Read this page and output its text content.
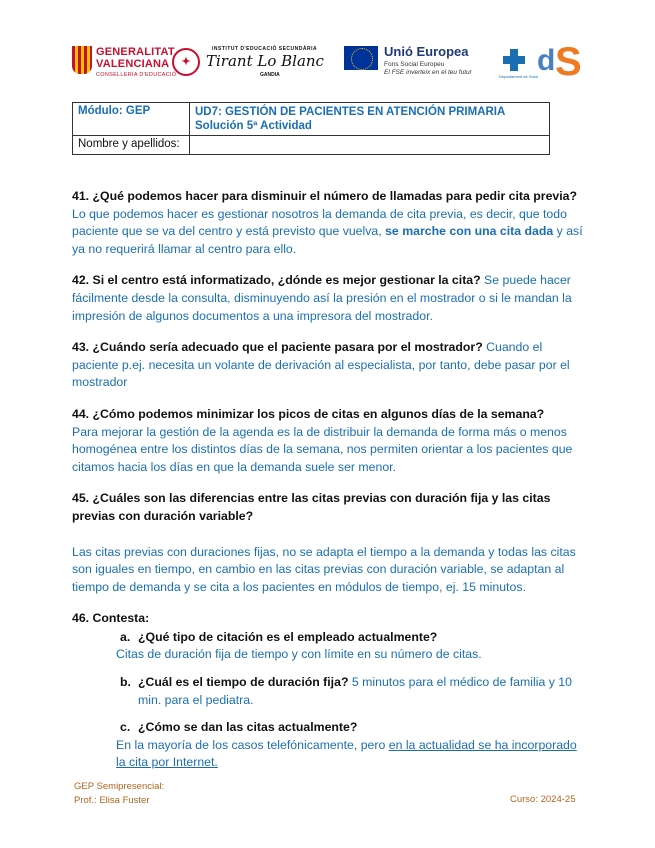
GENERALITAT
VALENCIANA
CONSELLERIA D'EDUCACIÓ
✦
INSTITUT D'EDUCACIÓ SECUNDÀRIA
Tirant Lo Blanc
GANDIA
Unió Europea
Fons Social Europeu
El FSE inverteix en el teu futur
Departament de Salut d S
Módulo: GEP	UD7: GESTIÓN DE PACIENTES EN ATENCIÓN PRIMARIA
Solución 5ª Actividad

Nombre y apellidos:	

41. ¿Qué podemos hacer para disminuir el número de llamadas para pedir cita previa? Lo que podemos hacer es gestionar nosotros la demanda de cita previa, es decir, que todo paciente que se va del centro y está previsto que vuelva, se marche con una cita dada y así ya no requerirá llamar al centro para ello.

42. Si el centro está informatizado, ¿dónde es mejor gestionar la cita? Se puede hacer fácilmente desde la consulta, disminuyendo así la presión en el mostrador o si le mandan la impresión de algunos documentos a una impresora del mostrador.

43. ¿Cuándo sería adecuado que el paciente pasara por el mostrador? Cuando el paciente p.ej. necesita un volante de derivación al especialista, por tanto, debe pasar por el mostrador

44. ¿Cómo podemos minimizar los picos de citas en algunos días de la semana?
Para mejorar la gestión de la agenda es la de distribuir la demanda de forma más o menos homogénea entre los distintos días de la semana, nos permiten orientar a los pacientes que citamos hacia los días en que la demanda suele ser menor.

45. ¿Cuáles son las diferencias entre las citas previas con duración fija y las citas previas con duración variable?

Las citas previas con duraciones fijas, no se adapta el tiempo a la demanda y todas las citas son iguales en tiempo, en cambio en las citas previas con duración variable, se adaptan al tiempo de demanda y se cita a los pacientes en módulos de tiempo, ej. 15 minutos.

46. Contesta:

a. ¿Qué tipo de citación es el empleado actualmente?
Citas de duración fija de tiempo y con límite en su número de citas.
b. ¿Cuál es el tiempo de duración fija? 5 minutos para el médico de familia y 10 min. para el pediatra.
c. ¿Cómo se dan las citas actualmente?
En la mayoría de los casos telefónicamente, pero en la actualidad se ha incorporado la cita por Internet.
GEP Semipresencial:
Prof.: Elisa Fuster	Curso: 2024-25
